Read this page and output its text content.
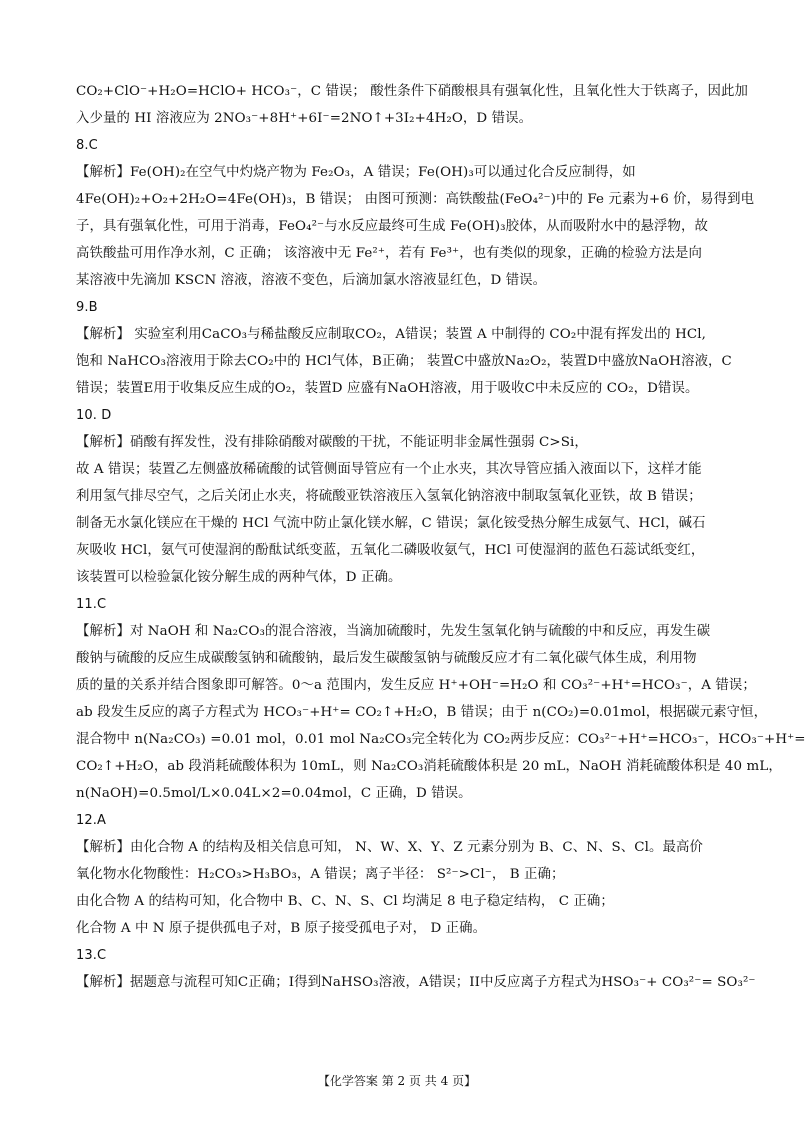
CO₂+ClO⁻+H₂O=HClO+ HCO₃⁻，C 错误； 酸性条件下硝酸根具有强氧化性，且氧化性大于铁离子，因此加
入少量的 HI 溶液应为 2NO₃⁻+8H⁺+6I⁻=2NO↑+3I₂+4H₂O，D 错误。
8.C
【解析】Fe(OH)₂在空气中灼烧产物为 Fe₂O₃，A 错误；Fe(OH)₃可以通过化合反应制得，如
4Fe(OH)₂+O₂+2H₂O=4Fe(OH)₃，B 错误； 由图可预测：高铁酸盐(FeO₄²⁻)中的 Fe 元素为+6 价，易得到电
子，具有强氧化性，可用于消毒，FeO₄²⁻与水反应最终可生成 Fe(OH)₃胶体，从而吸附水中的悬浮物，故
高铁酸盐可用作净水剂，C 正确； 该溶液中无 Fe²⁺，若有 Fe³⁺，也有类似的现象，正确的检验方法是向
某溶液中先滴加 KSCN 溶液，溶液不变色，后滴加氯水溶液显红色，D 错误。
9.B
【解析】 实验室利用CaCO₃与稀盐酸反应制取CO₂，A错误；装置 A 中制得的 CO₂中混有挥发出的 HCl,
饱和 NaHCO₃溶液用于除去CO₂中的 HCl气体，B正确； 装置C中盛放Na₂O₂，装置D中盛放NaOH溶液，C
错误；装置E用于收集反应生成的O₂，装置D 应盛有NaOH溶液，用于吸收C中未反应的 CO₂，D错误。
10. D
【解析】硝酸有挥发性，没有排除硝酸对碳酸的干扰，不能证明非金属性强弱 C>Si，
故 A 错误；装置乙左侧盛放稀硫酸的试管侧面导管应有一个止水夹，其次导管应插入液面以下，这样才能
利用氢气排尽空气，之后关闭止水夹，将硫酸亚铁溶液压入氢氧化钠溶液中制取氢氧化亚铁，故 B 错误；
制备无水氯化镁应在干燥的 HCl 气流中防止氯化镁水解，C 错误；氯化铵受热分解生成氨气、HCl，碱石
灰吸收 HCl，氨气可使湿润的酚酞试纸变蓝，五氧化二磷吸收氨气，HCl 可使湿润的蓝色石蕊试纸变红，
该装置可以检验氯化铵分解生成的两种气体，D 正确。
11.C
【解析】对 NaOH 和 Na₂CO₃的混合溶液，当滴加硫酸时，先发生氢氧化钠与硫酸的中和反应，再发生碳
酸钠与硫酸的反应生成碳酸氢钠和硫酸钠，最后发生碳酸氢钠与硫酸反应才有二氧化碳气体生成，利用物
质的量的关系并结合图象即可解答。0～a 范围内，发生反应 H⁺+OH⁻=H₂O 和 CO₃²⁻+H⁺=HCO₃⁻，A 错误；
ab 段发生反应的离子方程式为 HCO₃⁻+H⁺= CO₂↑+H₂O，B 错误；由于 n(CO₂)=0.01mol，根据碳元素守恒，
混合物中 n(Na₂CO₃) =0.01 mol，0.01 mol Na₂CO₃完全转化为 CO₂两步反应：CO₃²⁻+H⁺=HCO₃⁻，HCO₃⁻+H⁺=
CO₂↑+H₂O，ab 段消耗硫酸体积为 10mL，则 Na₂CO₃消耗硫酸体积是 20 mL，NaOH 消耗硫酸体积是 40 mL，
n(NaOH)=0.5mol/L×0.04L×2=0.04mol，C 正确，D 错误。
12.A
【解析】由化合物 A 的结构及相关信息可知， N、W、X、Y、Z 元素分别为 B、C、N、S、Cl。最高价
氧化物水化物酸性：H₂CO₃>H₃BO₃，A 错误；离子半径： S²⁻>Cl⁻， B 正确；
由化合物 A 的结构可知，化合物中 B、C、N、S、Cl 均满足 8 电子稳定结构， C 正确；
化合物 A 中 N 原子提供孤电子对，B 原子接受孤电子对， D 正确。
13.C
【解析】据题意与流程可知C正确；I得到NaHSO₃溶液，A错误；II中反应离子方程式为HSO₃⁻+ CO₃²⁻= SO₃²⁻
【化学答案 第 2 页 共 4 页】
